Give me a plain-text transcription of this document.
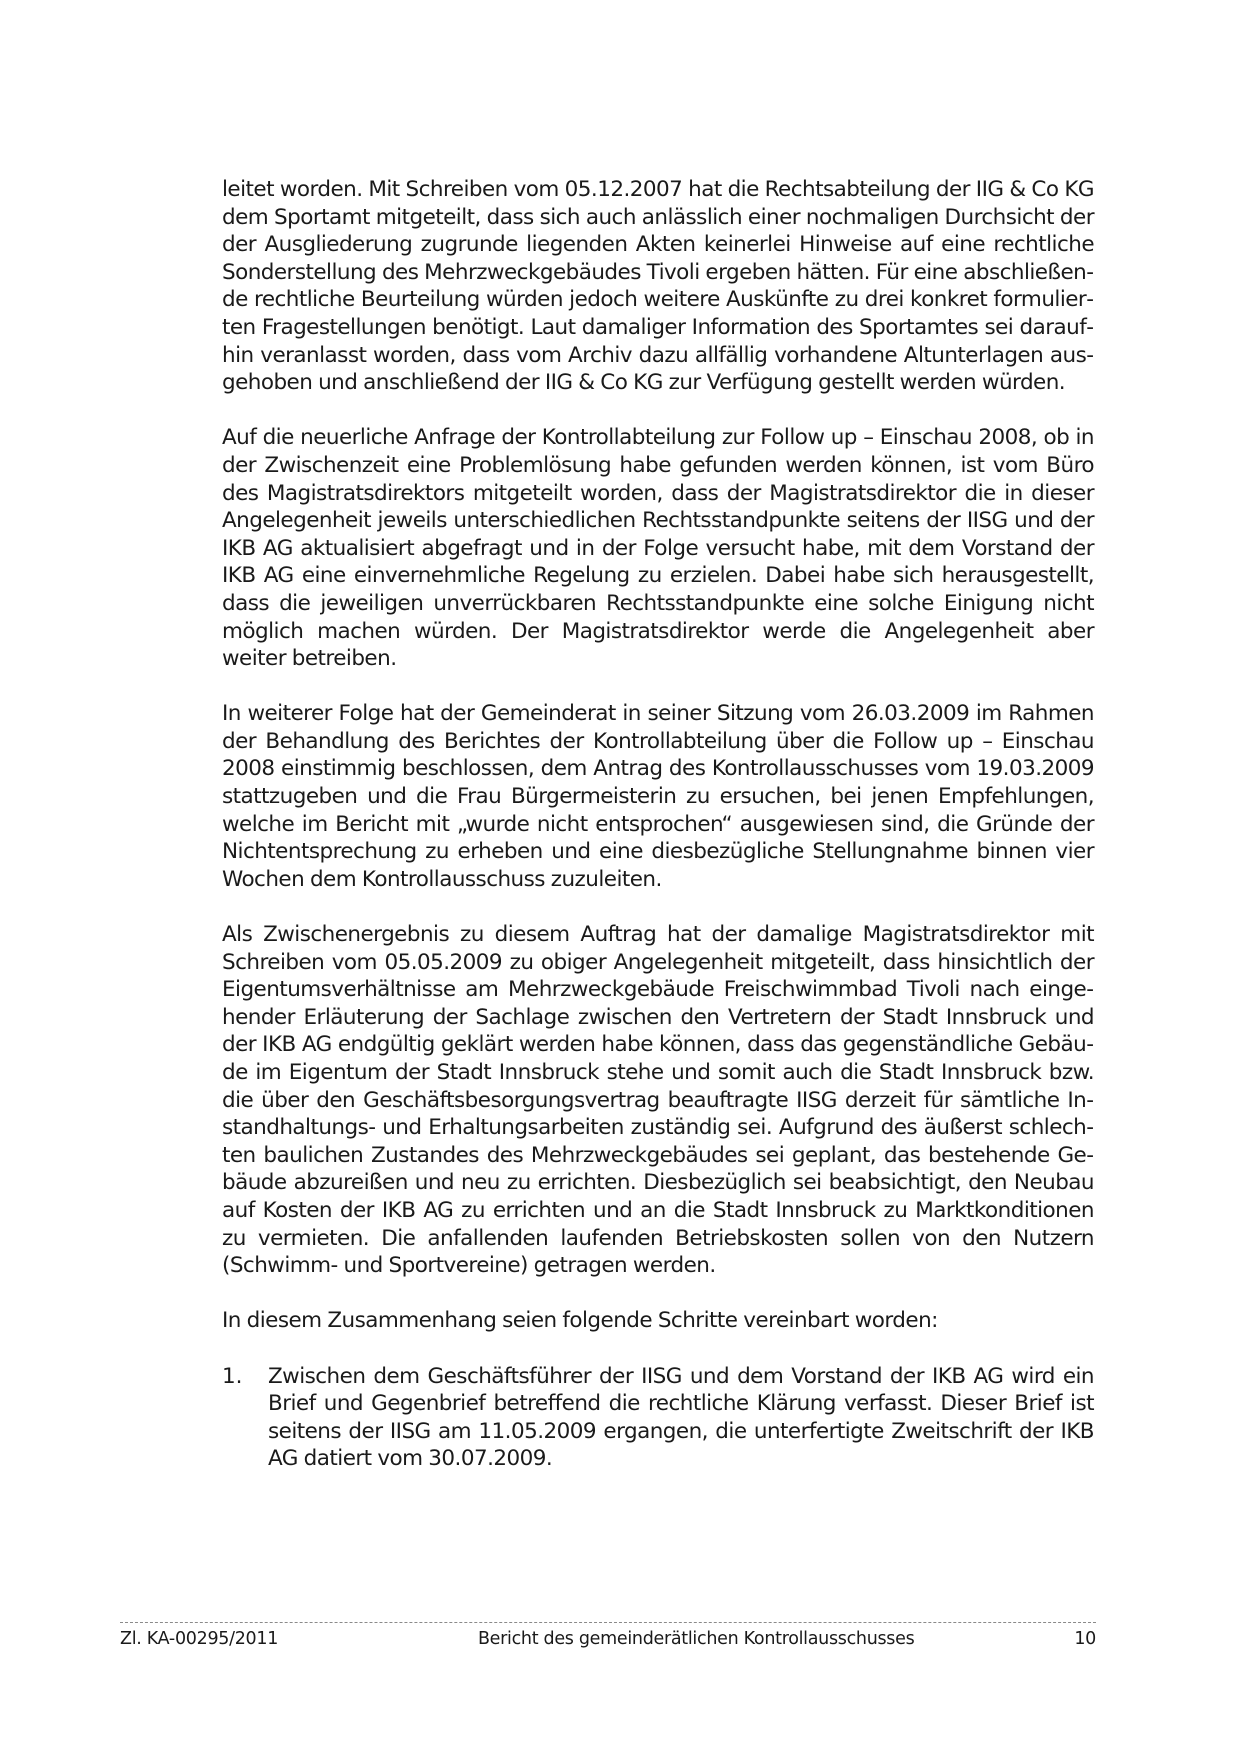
leitet worden. Mit Schreiben vom 05.12.2007 hat die Rechtsabteilung der IIG & Co KG dem Sportamt mitgeteilt, dass sich auch anlässlich einer nochmaligen Durchsicht der der Ausgliederung zugrunde liegenden Akten keinerlei Hinweise auf eine rechtliche Sonderstellung des Mehrzweckgebäudes Tivoli ergeben hätten. Für eine abschließende rechtliche Beurteilung würden jedoch weitere Auskünfte zu drei konkret formulierten Fragestellungen benötigt. Laut damaliger Information des Sportamtes sei daraufhin veranlasst worden, dass vom Archiv dazu allfällig vorhandene Altunterlagen ausgehoben und anschließend der IIG & Co KG zur Verfügung gestellt werden würden.

Auf die neuerliche Anfrage der Kontrollabteilung zur Follow up – Einschau 2008, ob in der Zwischenzeit eine Problemlösung habe gefunden werden können, ist vom Büro des Magistratsdirektors mitgeteilt worden, dass der Magistratsdirektor die in dieser Angelegenheit jeweils unterschiedlichen Rechtsstandpunkte seitens der IISG und der IKB AG aktualisiert abgefragt und in der Folge versucht habe, mit dem Vorstand der IKB AG eine einvernehmliche Regelung zu erzielen. Dabei habe sich herausgestellt, dass die jeweiligen unverrückbaren Rechtsstandpunkte eine solche Einigung nicht möglich machen würden. Der Magistratsdirektor werde die Angelegenheit aber weiter betreiben.

In weiterer Folge hat der Gemeinderat in seiner Sitzung vom 26.03.2009 im Rahmen der Behandlung des Berichtes der Kontrollabteilung über die Follow up – Einschau 2008 einstimmig beschlossen, dem Antrag des Kontrollausschusses vom 19.03.2009 stattzugeben und die Frau Bürgermeisterin zu ersuchen, bei jenen Empfehlungen, welche im Bericht mit „wurde nicht entsprochen“ ausgewiesen sind, die Gründe der Nichtentsprechung zu erheben und eine diesbezügliche Stellungnahme binnen vier Wochen dem Kontrollausschuss zuzuleiten.

Als Zwischenergebnis zu diesem Auftrag hat der damalige Magistratsdirektor mit Schreiben vom 05.05.2009 zu obiger Angelegenheit mitgeteilt, dass hinsichtlich der Eigentumsverhältnisse am Mehrzweckgebäude Freischwimmbad Tivoli nach eingehender Erläuterung der Sachlage zwischen den Vertretern der Stadt Innsbruck und der IKB AG endgültig geklärt werden habe können, dass das gegenständliche Gebäude im Eigentum der Stadt Innsbruck stehe und somit auch die Stadt Innsbruck bzw. die über den Geschäftsbesorgungsvertrag beauftragte IISG derzeit für sämtliche Instandhaltungs- und Erhaltungsarbeiten zuständig sei. Aufgrund des äußerst schlechten baulichen Zustandes des Mehrzweckgebäudes sei geplant, das bestehende Gebäude abzureißen und neu zu errichten. Diesbezüglich sei beabsichtigt, den Neubau auf Kosten der IKB AG zu errichten und an die Stadt Innsbruck zu Marktkonditionen zu vermieten. Die anfallenden laufenden Betriebskosten sollen von den Nutzern (Schwimm- und Sportvereine) getragen werden.

In diesem Zusammenhang seien folgende Schritte vereinbart worden:

1.	Zwischen dem Geschäftsführer der IISG und dem Vorstand der IKB AG wird ein Brief und Gegenbrief betreffend die rechtliche Klärung verfasst. Dieser Brief ist seitens der IISG am 11.05.2009 ergangen, die unterfertigte Zweitschrift der IKB AG datiert vom 30.07.2009.
Zl. KA-00295/2011	Bericht des gemeinderätlichen Kontrollausschusses	10
